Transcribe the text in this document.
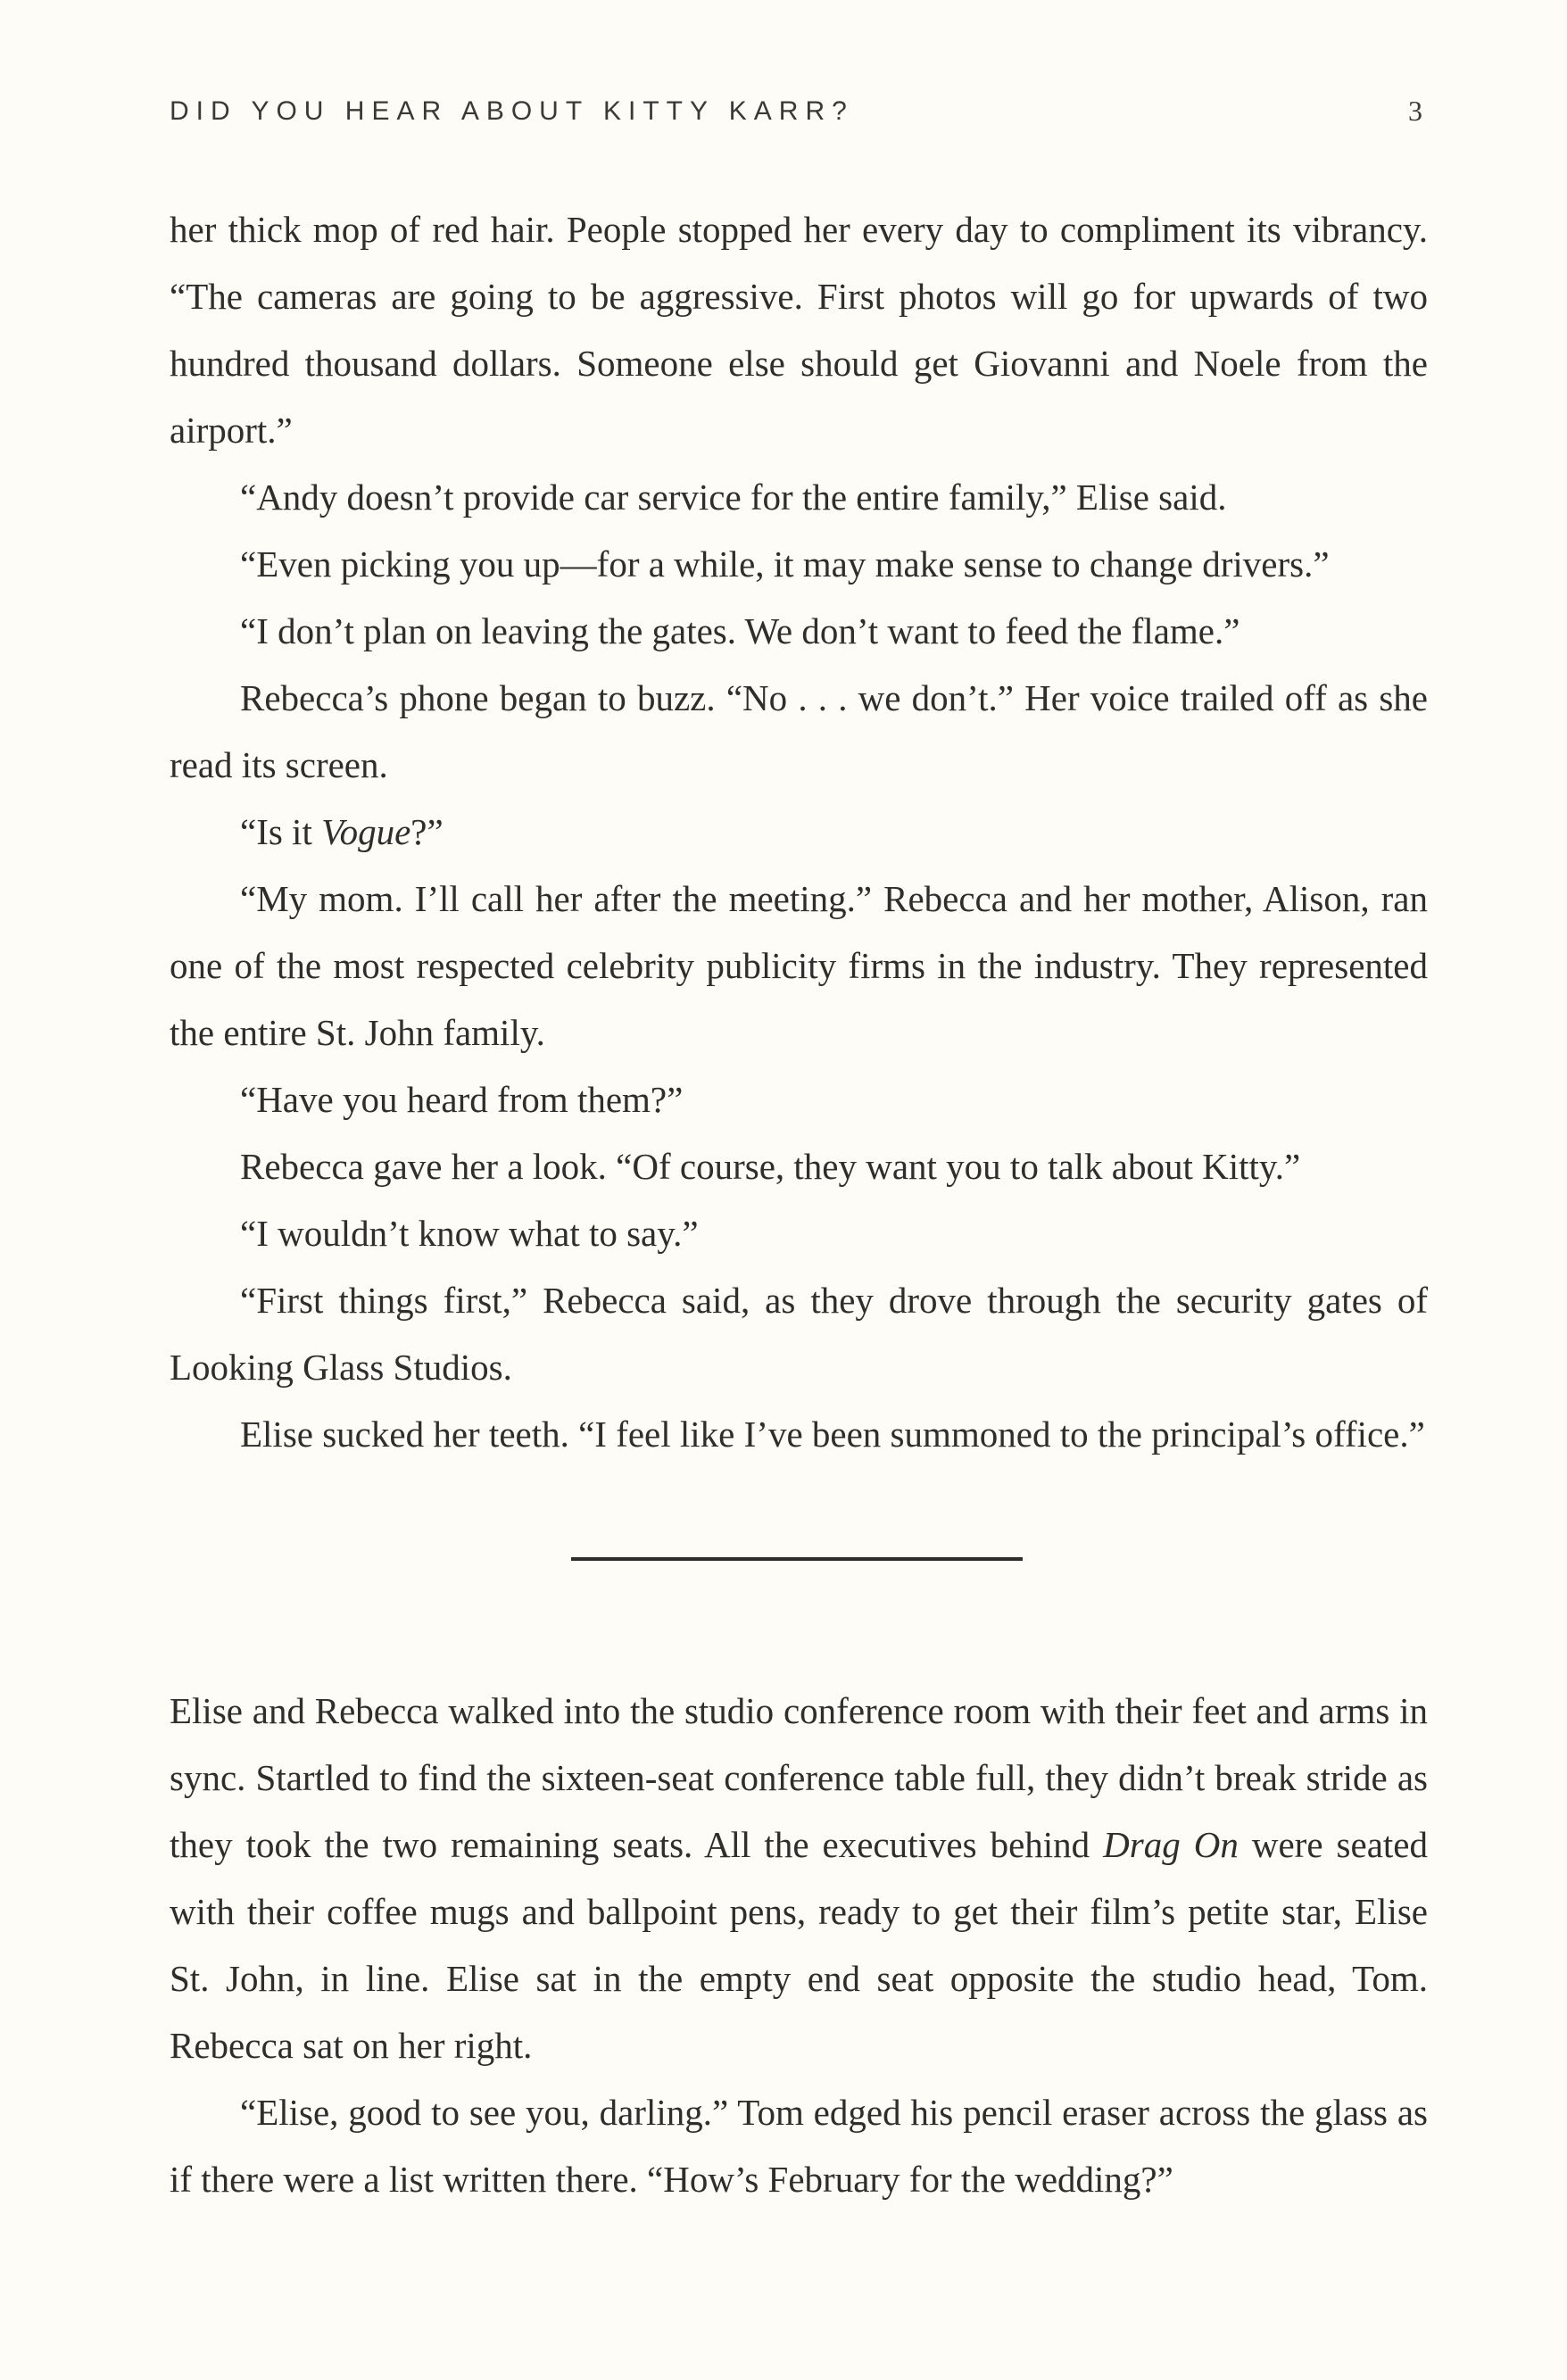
DID YOU HEAR ABOUT KITTY KARR?	3

her thick mop of red hair. People stopped her every day to compliment its vibrancy. “The cameras are going to be aggressive. First photos will go for upwards of two hundred thousand dollars. Someone else should get Giovanni and Noele from the airport.”

“Andy doesn’t provide car service for the entire family,” Elise said.

“Even picking you up—for a while, it may make sense to change drivers.”

“I don’t plan on leaving the gates. We don’t want to feed the flame.”

Rebecca’s phone began to buzz. “No . . . we don’t.” Her voice trailed off as she read its screen.

“Is it Vogue?”

“My mom. I’ll call her after the meeting.” Rebecca and her mother, Alison, ran one of the most respected celebrity publicity firms in the industry. They represented the entire St. John family.

“Have you heard from them?”

Rebecca gave her a look. “Of course, they want you to talk about Kitty.”

“I wouldn’t know what to say.”

“First things first,” Rebecca said, as they drove through the security gates of Looking Glass Studios.

Elise sucked her teeth. “I feel like I’ve been summoned to the principal’s office.”

Elise and Rebecca walked into the studio conference room with their feet and arms in sync. Startled to find the sixteen-seat conference table full, they didn’t break stride as they took the two remaining seats. All the executives behind Drag On were seated with their coffee mugs and ballpoint pens, ready to get their film’s petite star, Elise St. John, in line. Elise sat in the empty end seat opposite the studio head, Tom. Rebecca sat on her right.

“Elise, good to see you, darling.” Tom edged his pencil eraser across the glass as if there were a list written there. “How’s February for the wedding?”
